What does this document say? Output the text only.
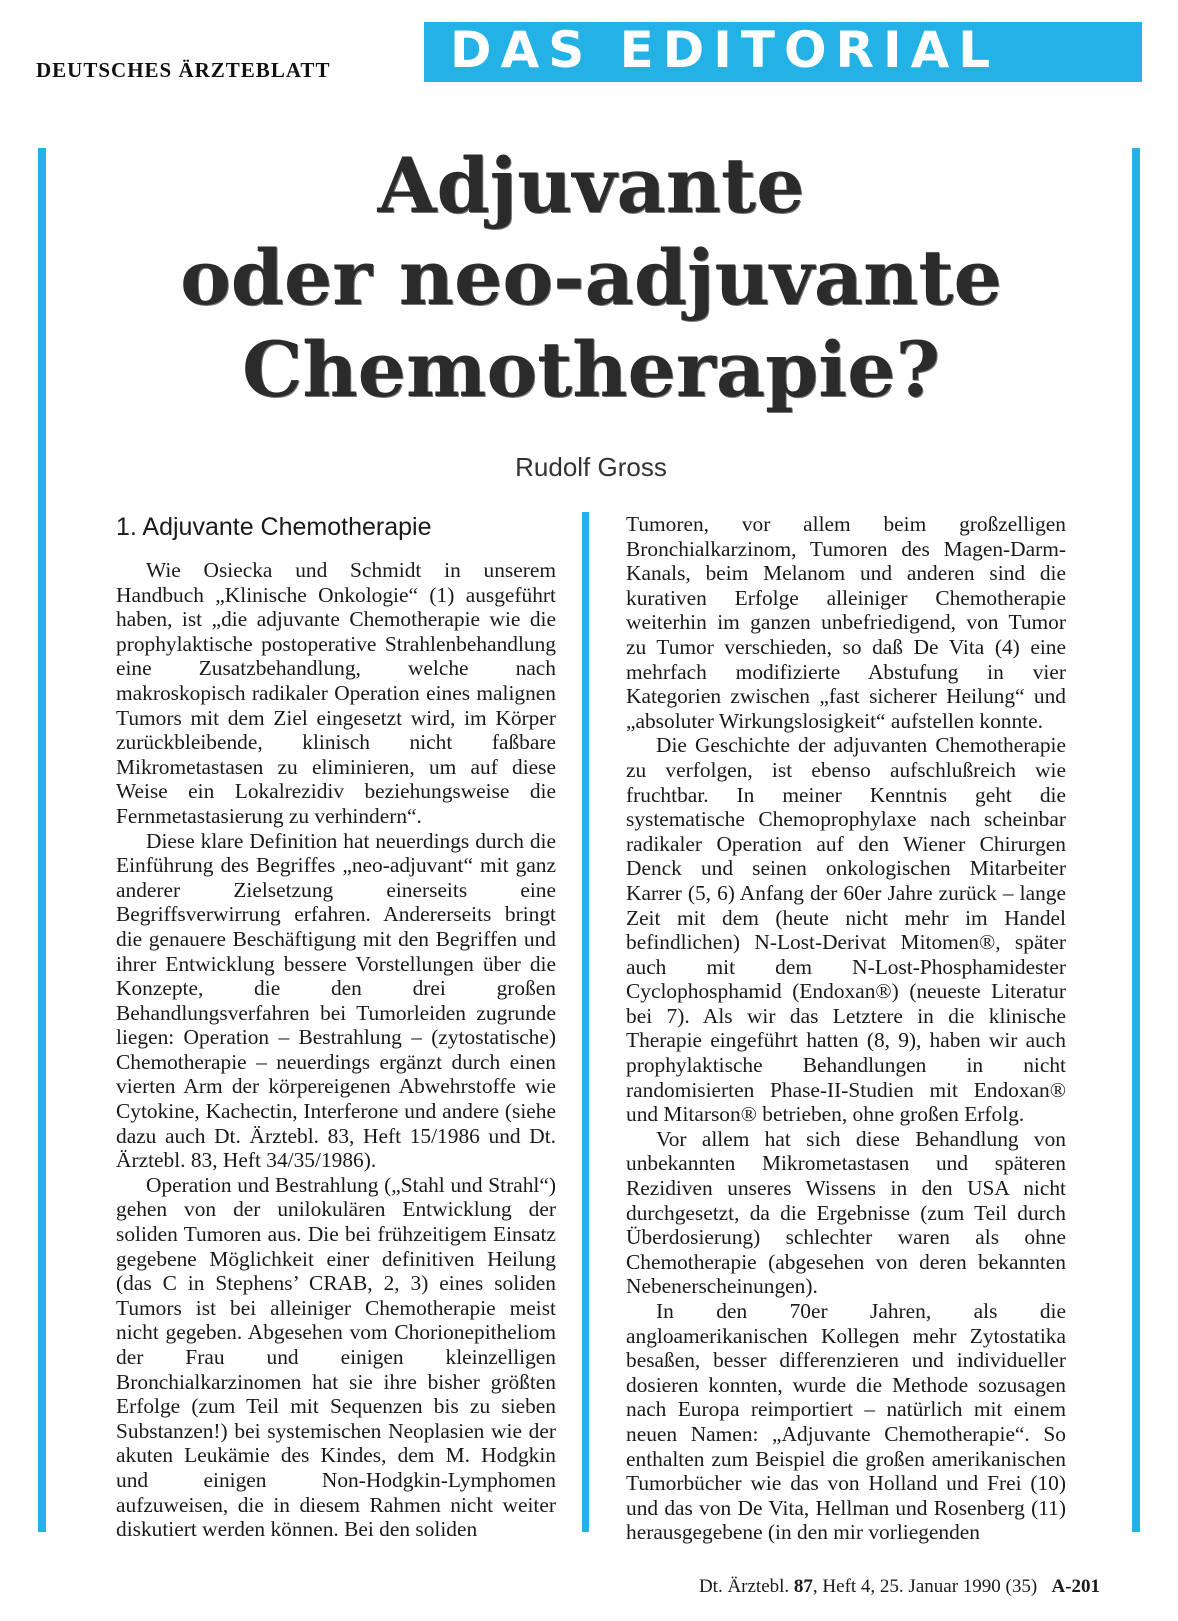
DEUTSCHES ÄRZTEBLATT DAS EDITORIAL
Adjuvante
oder neo-adjuvante
Chemotherapie?
Rudolf Gross
1. Adjuvante Chemotherapie

Wie Osiecka und Schmidt in unserem Handbuch „Klinische Onkologie“ (1) ausgeführt haben, ist „die adjuvante Chemotherapie wie die prophylaktische postoperative Strahlenbehandlung eine Zusatzbehandlung, welche nach makroskopisch radikaler Operation eines malignen Tumors mit dem Ziel eingesetzt wird, im Körper zurückbleibende, klinisch nicht faßbare Mikrometastasen zu eliminieren, um auf diese Weise ein Lokalrezidiv beziehungsweise die Fernmetastasierung zu verhindern“.

Diese klare Definition hat neuerdings durch die Einführung des Begriffes „neo-adjuvant“ mit ganz anderer Zielsetzung einerseits eine Begriffsverwirrung erfahren. Andererseits bringt die genauere Beschäftigung mit den Begriffen und ihrer Entwicklung bessere Vorstellungen über die Konzepte, die den drei großen Behandlungsverfahren bei Tumorleiden zugrunde liegen: Operation – Bestrahlung – (zytostatische) Chemotherapie – neuerdings ergänzt durch einen vierten Arm der körpereigenen Abwehrstoffe wie Cytokine, Kachectin, Interferone und andere (siehe dazu auch Dt. Ärztebl. 83, Heft 15/1986 und Dt. Ärztebl. 83, Heft 34/35/1986).

Operation und Bestrahlung („Stahl und Strahl“) gehen von der unilokulären Entwicklung der soliden Tumoren aus. Die bei frühzeitigem Einsatz gegebene Möglichkeit einer definitiven Heilung (das C in Stephens’ CRAB, 2, 3) eines soliden Tumors ist bei alleiniger Chemotherapie meist nicht gegeben. Abgesehen vom Chorionepitheliom der Frau und einigen kleinzelligen Bronchialkarzinomen hat sie ihre bisher größten Erfolge (zum Teil mit Sequenzen bis zu sieben Substanzen!) bei systemischen Neoplasien wie der akuten Leukämie des Kindes, dem M. Hodgkin und einigen Non-Hodgkin-Lymphomen aufzuweisen, die in diesem Rahmen nicht weiter diskutiert werden können. Bei den soliden

Tumoren, vor allem beim großzelligen Bronchialkarzinom, Tumoren des Magen-Darm-Kanals, beim Melanom und anderen sind die kurativen Erfolge alleiniger Chemotherapie weiterhin im ganzen unbefriedigend, von Tumor zu Tumor verschieden, so daß De Vita (4) eine mehrfach modifizierte Abstufung in vier Kategorien zwischen „fast sicherer Heilung“ und „absoluter Wirkungslosigkeit“ aufstellen konnte.

Die Geschichte der adjuvanten Chemotherapie zu verfolgen, ist ebenso aufschlußreich wie fruchtbar. In meiner Kenntnis geht die systematische Chemoprophylaxe nach scheinbar radikaler Operation auf den Wiener Chirurgen Denck und seinen onkologischen Mitarbeiter Karrer (5, 6) Anfang der 60er Jahre zurück – lange Zeit mit dem (heute nicht mehr im Handel befindlichen) N-Lost-Derivat Mitomen®, später auch mit dem N-Lost-Phosphamidester Cyclophosphamid (Endoxan®) (neueste Literatur bei 7). Als wir das Letztere in die klinische Therapie eingeführt hatten (8, 9), haben wir auch prophylaktische Behandlungen in nicht randomisierten Phase-II-Studien mit Endoxan® und Mitarson® betrieben, ohne großen Erfolg.

Vor allem hat sich diese Behandlung von unbekannten Mikrometastasen und späteren Rezidiven unseres Wissens in den USA nicht durchgesetzt, da die Ergebnisse (zum Teil durch Überdosierung) schlechter waren als ohne Chemotherapie (abgesehen von deren bekannten Nebenerscheinungen).

In den 70er Jahren, als die angloamerikanischen Kollegen mehr Zytostatika besaßen, besser differenzieren und individueller dosieren konnten, wurde die Methode sozusagen nach Europa reimportiert – natürlich mit einem neuen Namen: „Adjuvante Chemotherapie“. So enthalten zum Beispiel die großen amerikanischen Tumorbücher wie das von Holland und Frei (10) und das von De Vita, Hellman und Rosenberg (11) herausgegebene (in den mir vorliegenden

Dt. Ärztebl. 87, Heft 4, 25. Januar 1990 (35) A-201
